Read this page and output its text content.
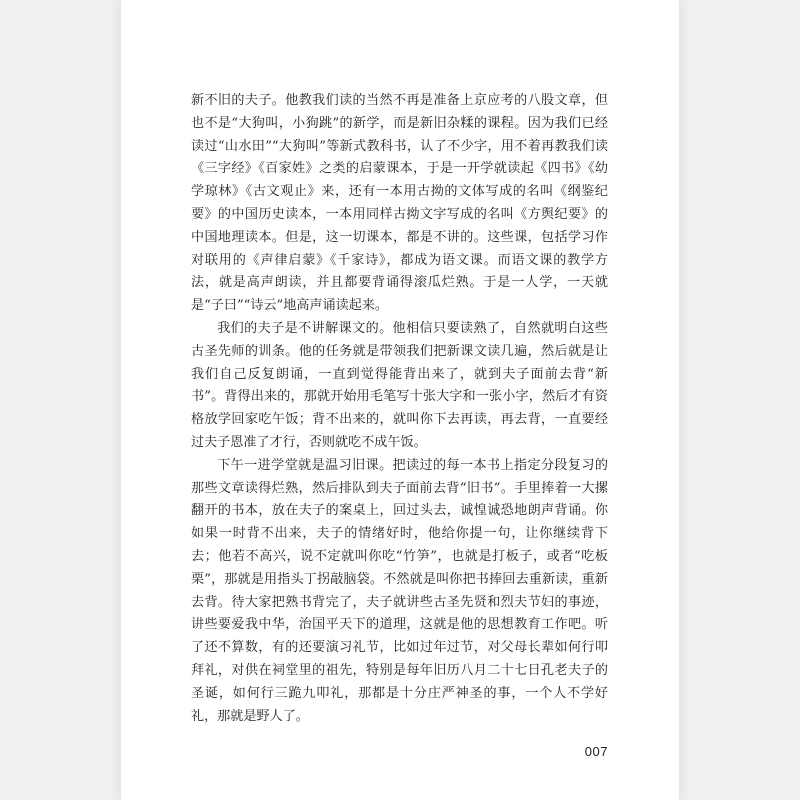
新不旧的夫子。他教我们读的当然不再是准备上京应考的八股文章，但也不是“大狗叫，小狗跳”的新学，而是新旧杂糅的课程。因为我们已经读过“山水田”“大狗叫”等新式教科书，认了不少字，用不着再教我们读《三字经》《百家姓》之类的启蒙课本，于是一开学就读起《四书》《幼学琼林》《古文观止》来，还有一本用古拗的文体写成的名叫《纲鉴纪要》的中国历史读本，一本用同样古拗文字写成的名叫《方舆纪要》的中国地理读本。但是，这一切课本，都是不讲的。这些课，包括学习作对联用的《声律启蒙》《千家诗》，都成为语文课。而语文课的教学方法，就是高声朗读，并且都要背诵得滚瓜烂熟。于是一人学，一天就是“子曰”“诗云”地高声诵读起来。

我们的夫子是不讲解课文的。他相信只要读熟了，自然就明白这些古圣先师的训条。他的任务就是带领我们把新课文读几遍，然后就是让我们自己反复朗诵，一直到觉得能背出来了，就到夫子面前去背“新书”。背得出来的，那就开始用毛笔写十张大字和一张小字，然后才有资格放学回家吃午饭；背不出来的，就叫你下去再读，再去背，一直要经过夫子恩准了才行，否则就吃不成午饭。

下午一进学堂就是温习旧课。把读过的每一本书上指定分段复习的那些文章读得烂熟，然后排队到夫子面前去背“旧书”。手里捧着一大摞翻开的书本，放在夫子的案桌上，回过头去，诚惶诚恐地朗声背诵。你如果一时背不出来，夫子的情绪好时，他给你提一句，让你继续背下去；他若不高兴，说不定就叫你吃“竹笋”，也就是打板子，或者“吃板栗”，那就是用指头丁拐敲脑袋。不然就是叫你把书捧回去重新读，重新去背。待大家把熟书背完了，夫子就讲些古圣先贤和烈夫节妇的事迹，讲些要爱我中华，治国平天下的道理，这就是他的思想教育工作吧。听了还不算数，有的还要演习礼节，比如过年过节，对父母长辈如何行叩拜礼，对供在祠堂里的祖先，特别是每年旧历八月二十七日孔老夫子的圣诞，如何行三跪九叩礼，那都是十分庄严神圣的事，一个人不学好礼，那就是野人了。

007
